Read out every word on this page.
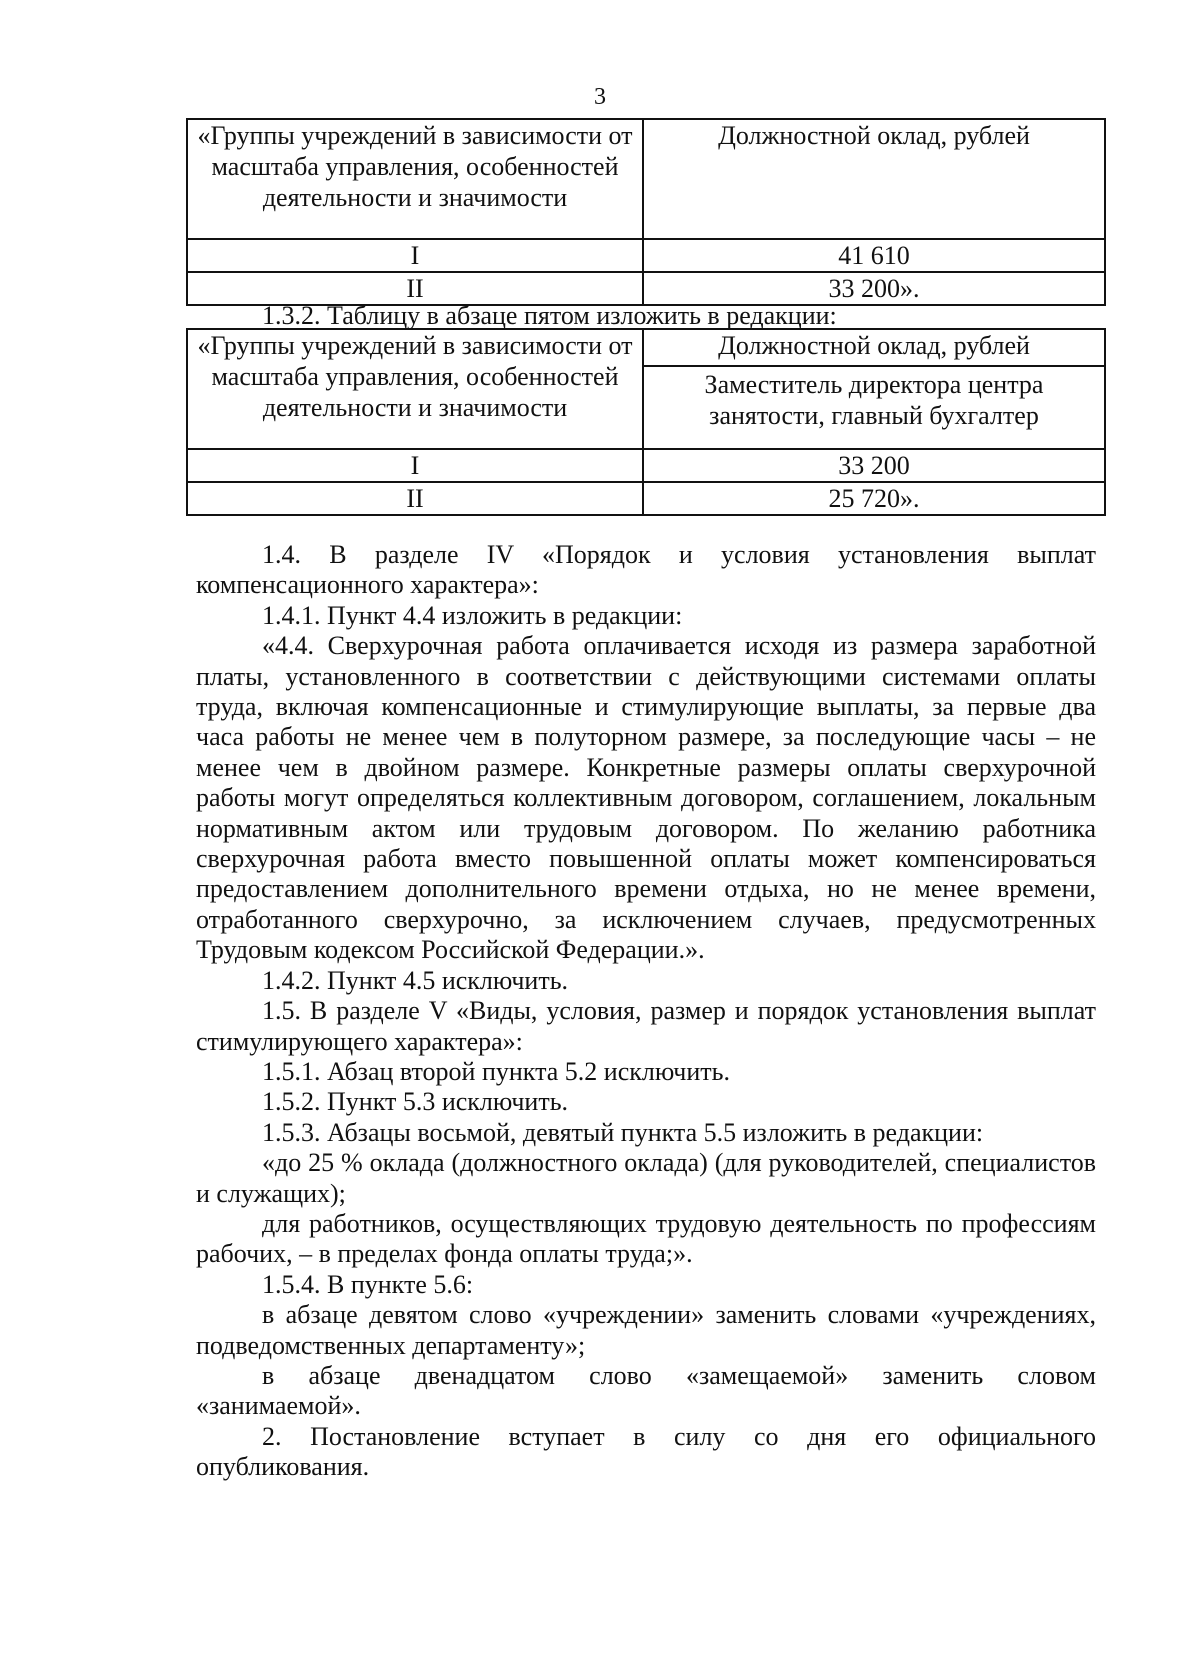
3
«Группы учреждений в зависимости от масштаба управления, особенностей деятельности и значимости	Должностной оклад, рублей
I	41 610
II	33 200».
1.3.2. Таблицу в абзаце пятом изложить в редакции:
«Группы учреждений в зависимости от масштаба управления, особенностей деятельности и значимости	Должностной оклад, рублей
Заместитель директора центра занятости, главный бухгалтер

I	33 200
II	25 720».

1.4. В разделе IV «Порядок и условия установления выплат компенсационного характера»:

1.4.1. Пункт 4.4 изложить в редакции:

«4.4. Сверхурочная работа оплачивается исходя из размера заработной платы, установленного в соответствии с действующими системами оплаты труда, включая компенсационные и стимулирующие выплаты, за первые два часа работы не менее чем в полуторном размере, за последующие часы – не менее чем в двойном размере. Конкретные размеры оплаты сверхурочной работы могут определяться коллективным договором, соглашением, локальным нормативным актом или трудовым договором. По желанию работника сверхурочная работа вместо повышенной оплаты может компенсироваться предоставлением дополнительного времени отдыха, но не менее времени, отработанного сверхурочно, за исключением случаев, предусмотренных Трудовым кодексом Российской Федерации.».

1.4.2. Пункт 4.5 исключить.

1.5. В разделе V «Виды, условия, размер и порядок установления выплат стимулирующего характера»:

1.5.1. Абзац второй пункта 5.2 исключить.

1.5.2. Пункт 5.3 исключить.

1.5.3. Абзацы восьмой, девятый пункта 5.5 изложить в редакции:

«до 25 % оклада (должностного оклада) (для руководителей, специалистов и служащих);

для работников, осуществляющих трудовую деятельность по профессиям рабочих, – в пределах фонда оплаты труда;».

1.5.4. В пункте 5.6:

в абзаце девятом слово «учреждении» заменить словами «учреждениях, подведомственных департаменту»;

в абзаце двенадцатом слово «замещаемой» заменить словом «занимаемой».

2. Постановление вступает в силу со дня его официального опубликования.
